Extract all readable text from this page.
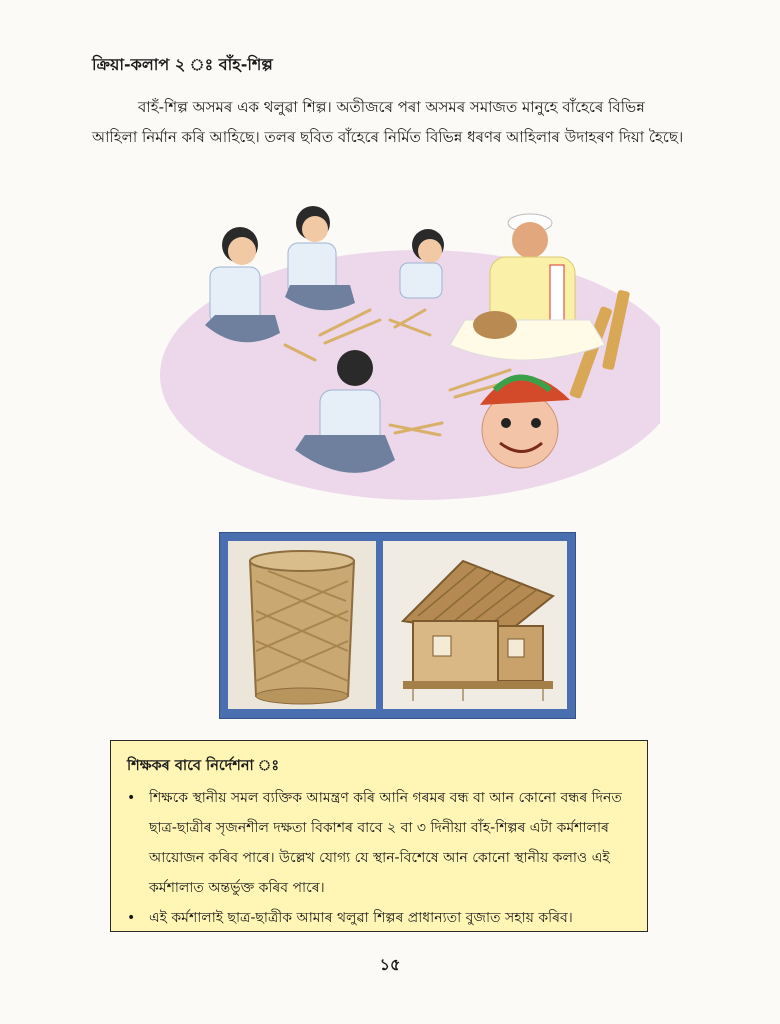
ক্রিয়া-কলাপ ২ ঃ বাঁহ-শিল্প
বাহঁ-শিল্প অসমৰ এক থলুৱা শিল্প। অতীজৰে পৰা অসমৰ সমাজত মানুহে বাঁহেৰে বিভিন্ন আহিলা নিৰ্মান কৰি আহিছে। তলৰ ছবিত বাঁহেৰে নিৰ্মিত বিভিন্ন ধৰণৰ আহিলাৰ উদাহৰণ দিয়া হৈছে।
শিক্ষকৰ বাবে নিৰ্দেশনা ঃ
• শিক্ষকে স্থানীয় সমল ব্যক্তিক আমন্ত্ৰণ কৰি আনি গৰমৰ বন্ধ বা আন কোনো বন্ধৰ দিনত ছাত্ৰ-ছাত্ৰীৰ সৃজনশীল দক্ষতা বিকাশৰ বাবে ২ বা ৩ দিনীয়া বাঁহ-শিল্পৰ এটা কৰ্মশালাৰ আয়োজন কৰিব পাৰে। উল্লেখ যোগ্য যে স্থান-বিশেষে আন কোনো স্থানীয় কলাও এই কৰ্মশালাত অন্তৰ্ভুক্ত কৰিব পাৰে।
• এই কৰ্মশালাই ছাত্ৰ-ছাত্ৰীক আমাৰ থলুৱা শিল্পৰ প্ৰাধান্যতা বুজাত সহায় কৰিব।
১৫
